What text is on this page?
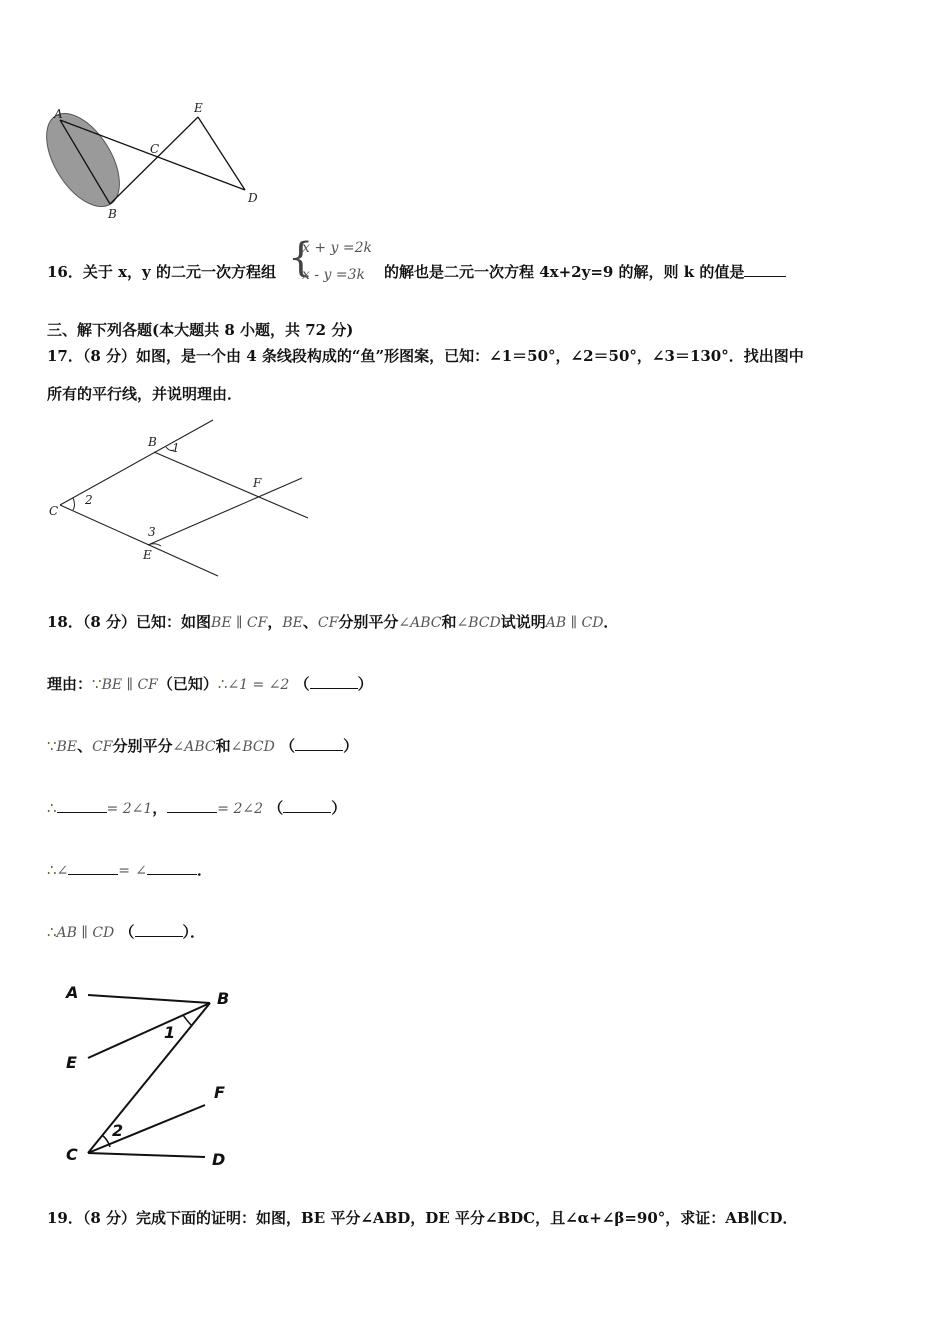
A
B
C
D
E
16．关于 x，y 的二元一次方程组 {
x + y =2k
x - y =3k 的解也是二元一次方程 4x+2y=9 的解，则 k 的值是
三、解下列各题(本大题共 8 小题，共 72 分)
17．（8 分）如图，是一个由 4 条线段构成的“鱼”形图案，已知：∠1＝50°，∠2＝50°，∠3＝130°．找出图中
所有的平行线，并说明理由．
B 1
C
2
F
3
E
18．（8 分）已知：如图BE ∥ CF，BE、CF分别平分∠ABC和∠BCD试说明AB ∥ CD．
理由：∵BE ∥ CF（已知）∴∠1 = ∠2 （	）
∵BE、CF分别平分∠ABC和∠BCD （	）
∴	= 2∠1，	= 2∠2 （	）
∴∠	= ∠	．
∴AB ∥ CD （	）．
A	B
E
1
F
2
C	D
19．（8 分）完成下面的证明：如图，BE 平分∠ABD，DE 平分∠BDC，且∠α+∠β=90°，求证：AB∥CD．
